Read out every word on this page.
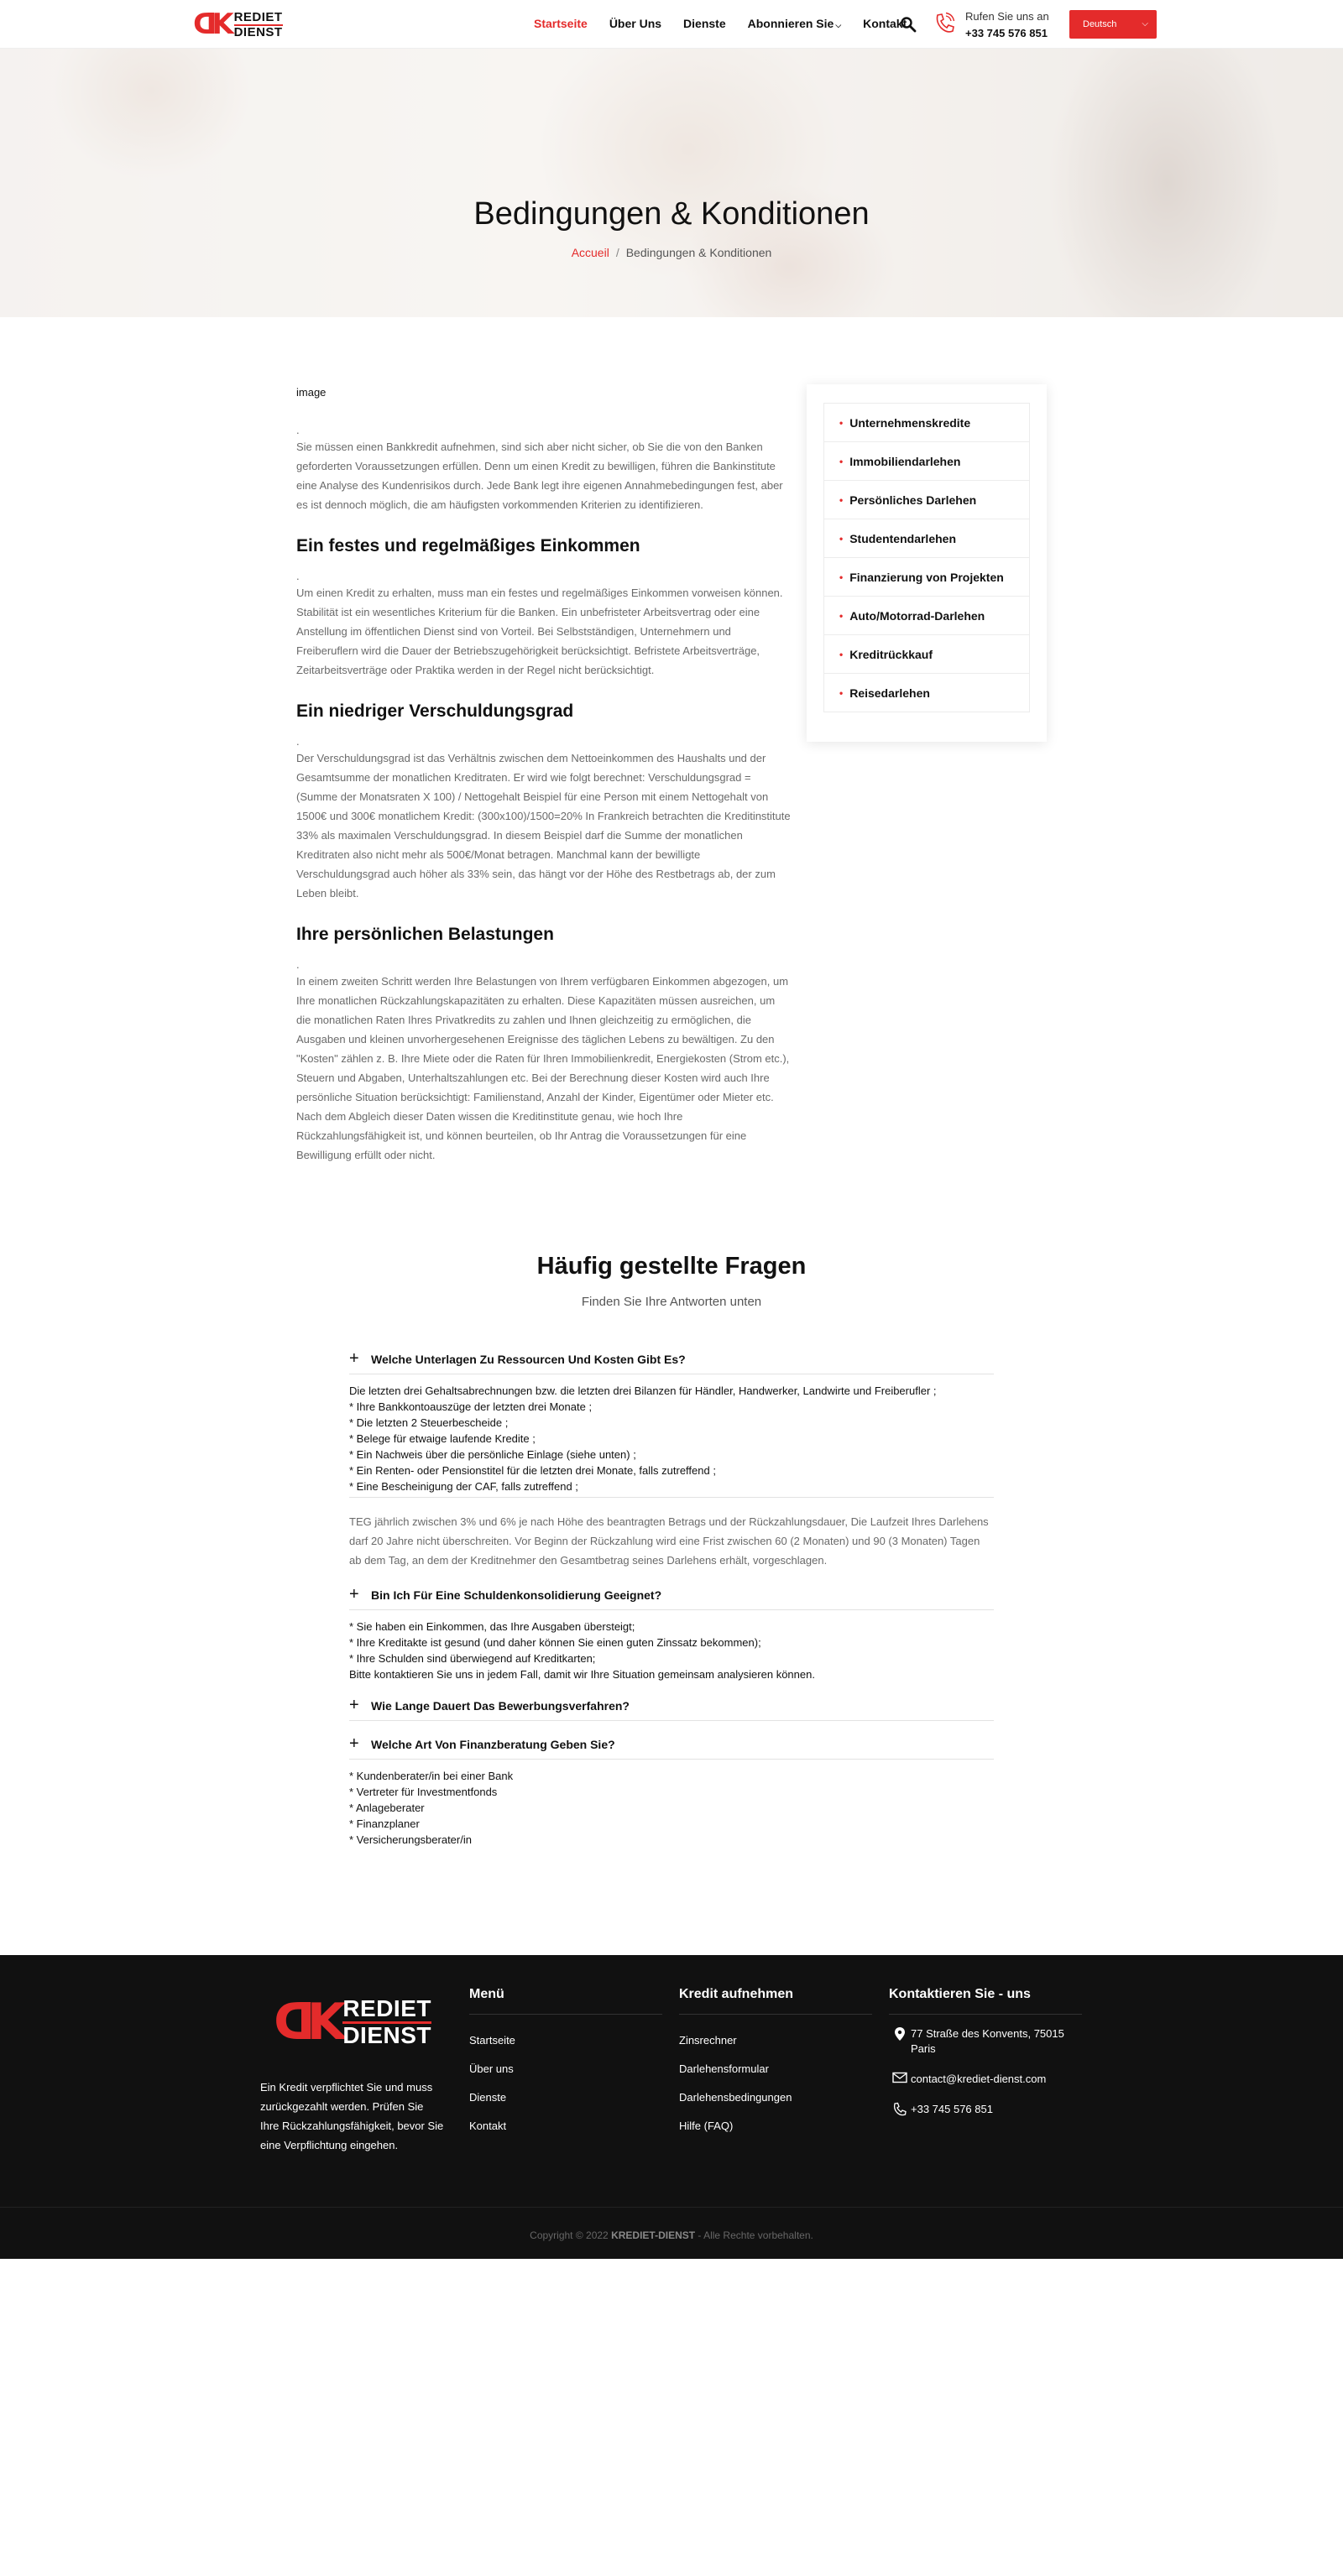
ᗡK REDIET
DIENST
Startseite Über Uns Dienste Abonnieren Sie ⌵ Kontakt
Rufen Sie uns an
+33 745 576 851
Deutsch	⌵
Bedingungen & Konditionen
Accueil / Bedingungen & Konditionen
image
.

Sie müssen einen Bankkredit aufnehmen, sind sich aber nicht sicher, ob Sie die von den Banken geforderten Voraussetzungen erfüllen. Denn um einen Kredit zu bewilligen, führen die Bankinstitute eine Analyse des Kundenrisikos durch. Jede Bank legt ihre eigenen Annahmebedingungen fest, aber es ist dennoch möglich, die am häufigsten vorkommenden Kriterien zu identifizieren.

Ein festes und regelmäßiges Einkommen
.

Um einen Kredit zu erhalten, muss man ein festes und regelmäßiges Einkommen vorweisen können. Stabilität ist ein wesentliches Kriterium für die Banken. Ein unbefristeter Arbeitsvertrag oder eine Anstellung im öffentlichen Dienst sind von Vorteil. Bei Selbstständigen, Unternehmern und Freiberuflern wird die Dauer der Betriebszugehörigkeit berücksichtigt. Befristete Arbeitsverträge, Zeitarbeitsverträge oder Praktika werden in der Regel nicht berücksichtigt.

Ein niedriger Verschuldungsgrad
.

Der Verschuldungsgrad ist das Verhältnis zwischen dem Nettoeinkommen des Haushalts und der Gesamtsumme der monatlichen Kreditraten. Er wird wie folgt berechnet: Verschuldungsgrad = (Summe der Monatsraten X 100) / Nettogehalt Beispiel für eine Person mit einem Nettogehalt von 1500€ und 300€ monatlichem Kredit: (300x100)/1500=20% In Frankreich betrachten die Kreditinstitute 33% als maximalen Verschuldungsgrad. In diesem Beispiel darf die Summe der monatlichen Kreditraten also nicht mehr als 500€/Monat betragen. Manchmal kann der bewilligte Verschuldungsgrad auch höher als 33% sein, das hängt vor der Höhe des Restbetrags ab, der zum Leben bleibt.

Ihre persönlichen Belastungen
.

In einem zweiten Schritt werden Ihre Belastungen von Ihrem verfügbaren Einkommen abgezogen, um Ihre monatlichen Rückzahlungskapazitäten zu erhalten. Diese Kapazitäten müssen ausreichen, um die monatlichen Raten Ihres Privatkredits zu zahlen und Ihnen gleichzeitig zu ermöglichen, die Ausgaben und kleinen unvorhergesehenen Ereignisse des täglichen Lebens zu bewältigen. Zu den "Kosten" zählen z. B. Ihre Miete oder die Raten für Ihren Immobilienkredit, Energiekosten (Strom etc.), Steuern und Abgaben, Unterhaltszahlungen etc. Bei der Berechnung dieser Kosten wird auch Ihre persönliche Situation berücksichtigt: Familienstand, Anzahl der Kinder, Eigentümer oder Mieter etc. Nach dem Abgleich dieser Daten wissen die Kreditinstitute genau, wie hoch Ihre Rückzahlungsfähigkeit ist, und können beurteilen, ob Ihr Antrag die Voraussetzungen für eine Bewilligung erfüllt oder nicht.

• Unternehmenskredite
• Immobiliendarlehen
• Persönliches Darlehen
• Studentendarlehen
• Finanzierung von Projekten
• Auto/Motorrad-Darlehen
• Kreditrückkauf
• Reisedarlehen
Häufig gestellte Fragen
Finden Sie Ihre Antworten unten
+ Welche Unterlagen Zu Ressourcen Und Kosten Gibt Es?

Die letzten drei Gehaltsabrechnungen bzw. die letzten drei Bilanzen für Händler, Handwerker, Landwirte und Freiberufler ;

* Ihre Bankkontoauszüge der letzten drei Monate ;

* Die letzten 2 Steuerbescheide ;

* Belege für etwaige laufende Kredite ;

* Ein Nachweis über die persönliche Einlage (siehe unten) ;

* Ein Renten- oder Pensionstitel für die letzten drei Monate, falls zutreffend ;

* Eine Bescheinigung der CAF, falls zutreffend ;

TEG jährlich zwischen 3% und 6% je nach Höhe des beantragten Betrags und der Rückzahlungsdauer, Die Laufzeit Ihres Darlehens darf 20 Jahre nicht überschreiten. Vor Beginn der Rückzahlung wird eine Frist zwischen 60 (2 Monaten) und 90 (3 Monaten) Tagen ab dem Tag, an dem der Kreditnehmer den Gesamtbetrag seines Darlehens erhält, vorgeschlagen.

+ Bin Ich Für Eine Schuldenkonsolidierung Geeignet?

* Sie haben ein Einkommen, das Ihre Ausgaben übersteigt;

* Ihre Kreditakte ist gesund (und daher können Sie einen guten Zinssatz bekommen);

* Ihre Schulden sind überwiegend auf Kreditkarten;

Bitte kontaktieren Sie uns in jedem Fall, damit wir Ihre Situation gemeinsam analysieren können.

+ Wie Lange Dauert Das Bewerbungsverfahren?
+ Welche Art Von Finanzberatung Geben Sie?

* Kundenberater/in bei einer Bank

* Vertreter für Investmentfonds

* Anlageberater

* Finanzplaner

* Versicherungsberater/in

ᗡK REDIET
DIENST

Ein Kredit verpflichtet Sie und muss zurückgezahlt werden. Prüfen Sie Ihre Rückzahlungsfähigkeit, bevor Sie eine Verpflichtung eingehen.

Menü
Startseite
Über uns
Dienste
Kontakt
Kredit aufnehmen
Zinsrechner
Darlehensformular
Darlehensbedingungen
Hilfe (FAQ)
Kontaktieren Sie - uns
77 Straße des Konvents, 75015 Paris
contact@krediet-dienst.com
+33 745 576 851
Copyright © 2022 KREDIET-DIENST - Alle Rechte vorbehalten.
